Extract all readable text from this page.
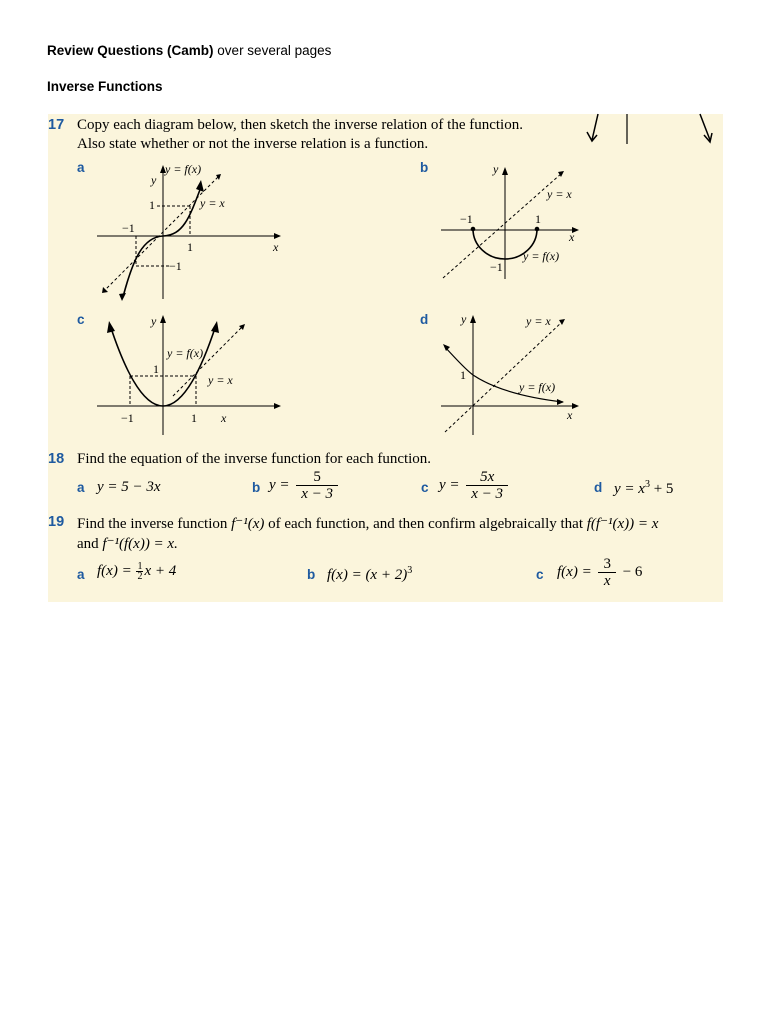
Review Questions (Camb) over several pages
Inverse Functions
17 Copy each diagram below, then sketch the inverse relation of the function.
Also state whether or not the inverse relation is a function.
a	b
c	d
y
x
y = f(x)
y = x
1
−1
1
−1
y
x
y = f(x)
y = x
−1	1
−1
y
x
y = f(x)
y = x
1
−1	1
y
x
y = f(x)
y = x
1
18 Find the equation of the inverse function for each function.
a y = 5 − 3x	b $y = \frac{5}{x - 3}$	c $y = \frac{5x}{x - 3}$	d $y = x^3 + 5$
19 Find the inverse function f⁻¹(x) of each function, and then confirm algebraically that f(f⁻¹(x)) = x
and f⁻¹(f(x)) = x.
a $f(x) = \frac{1}{2}$ x + 4	b $f(x) = (x + 2)^3$	c $f(x) = \frac{3}{x} - 6$
